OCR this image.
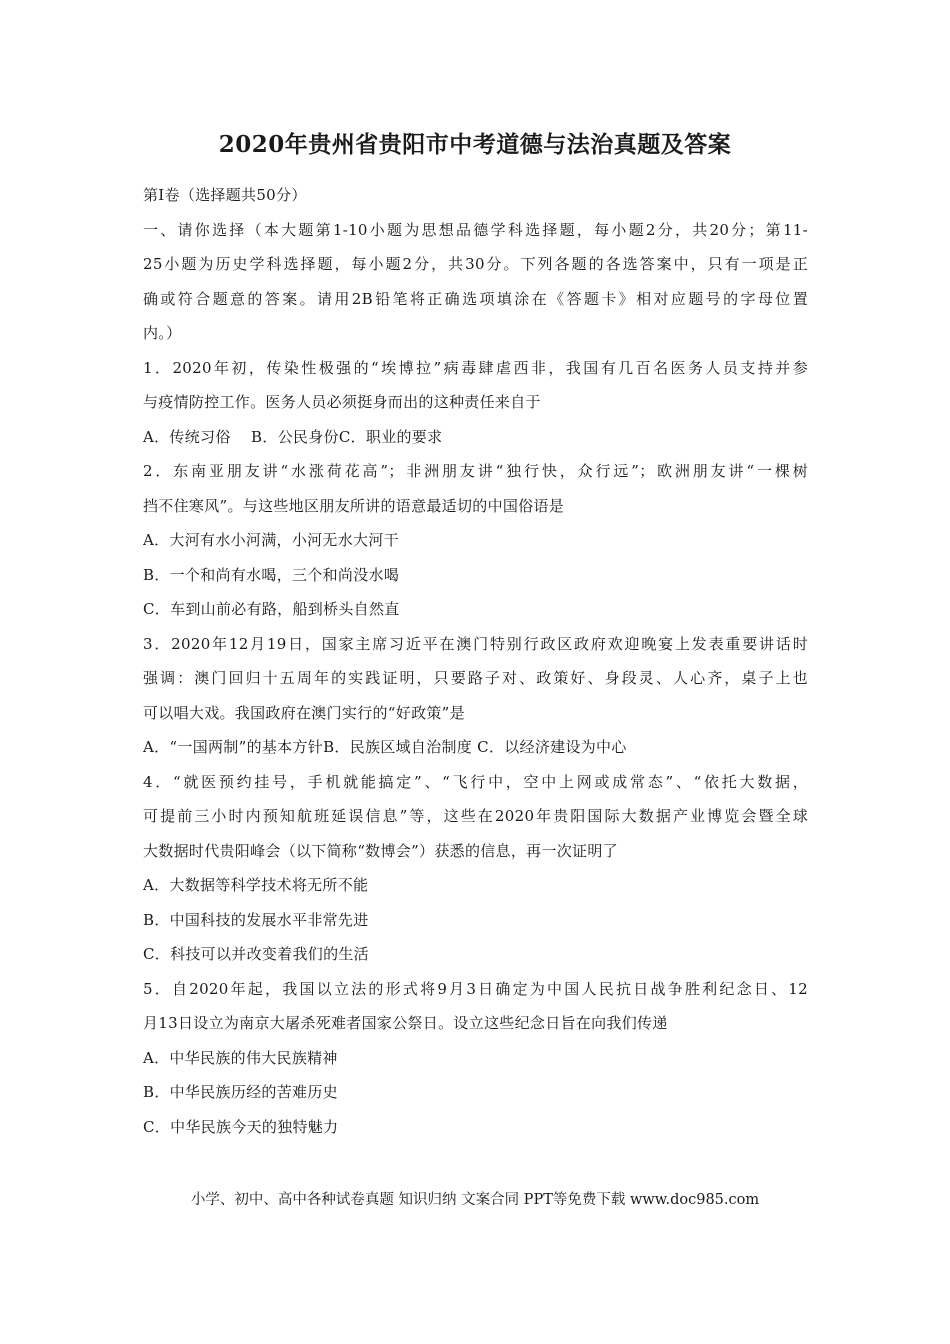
2020年贵州省贵阳市中考道德与法治真题及答案
第Ⅰ卷（选择题共50分）
一、请你选择（本大题第1-10小题为思想品德学科选择题，每小题2分，共20分；第11-
25小题为历史学科选择题，每小题2分，共30分。下列各题的各选答案中，只有一项是正
确或符合题意的答案。请用2B铅笔将正确选项填涂在《答题卡》相对应题号的字母位置
内。）
1．2020年初，传染性极强的“埃博拉”病毒肆虐西非，我国有几百名医务人员支持并参
与疫情防控工作。医务人员必须挺身而出的这种责任来自于
A．传统习俗　 B．公民身份C．职业的要求
2．东南亚朋友讲“水涨荷花高”；非洲朋友讲“独行快，众行远”；欧洲朋友讲“一棵树
挡不住寒风”。与这些地区朋友所讲的语意最适切的中国俗语是
A．大河有水小河满，小河无水大河干
B．一个和尚有水喝，三个和尚没水喝
C．车到山前必有路，船到桥头自然直
3．2020年12月19日，国家主席习近平在澳门特别行政区政府欢迎晚宴上发表重要讲话时
强调：澳门回归十五周年的实践证明，只要路子对、政策好、身段灵、人心齐，桌子上也
可以唱大戏。我国政府在澳门实行的“好政策”是
A．“一国两制”的基本方针B．民族区域自治制度 C．以经济建设为中心
4．“就医预约挂号，手机就能搞定”、“飞行中，空中上网或成常态”、“依托大数据，
可提前三小时内预知航班延误信息”等，这些在2020年贵阳国际大数据产业博览会暨全球
大数据时代贵阳峰会（以下简称“数博会”）获悉的信息，再一次证明了
A．大数据等科学技术将无所不能
B．中国科技的发展水平非常先进
C．科技可以并改变着我们的生活
5．自2020年起，我国以立法的形式将9月3日确定为中国人民抗日战争胜利纪念日、12
月13日设立为南京大屠杀死难者国家公祭日。设立这些纪念日旨在向我们传递
A．中华民族的伟大民族精神
B．中华民族历经的苦难历史
C．中华民族今天的独特魅力
小学、初中、高中各种试卷真题 知识归纳 文案合同 PPT等免费下载 www.doc985.com
